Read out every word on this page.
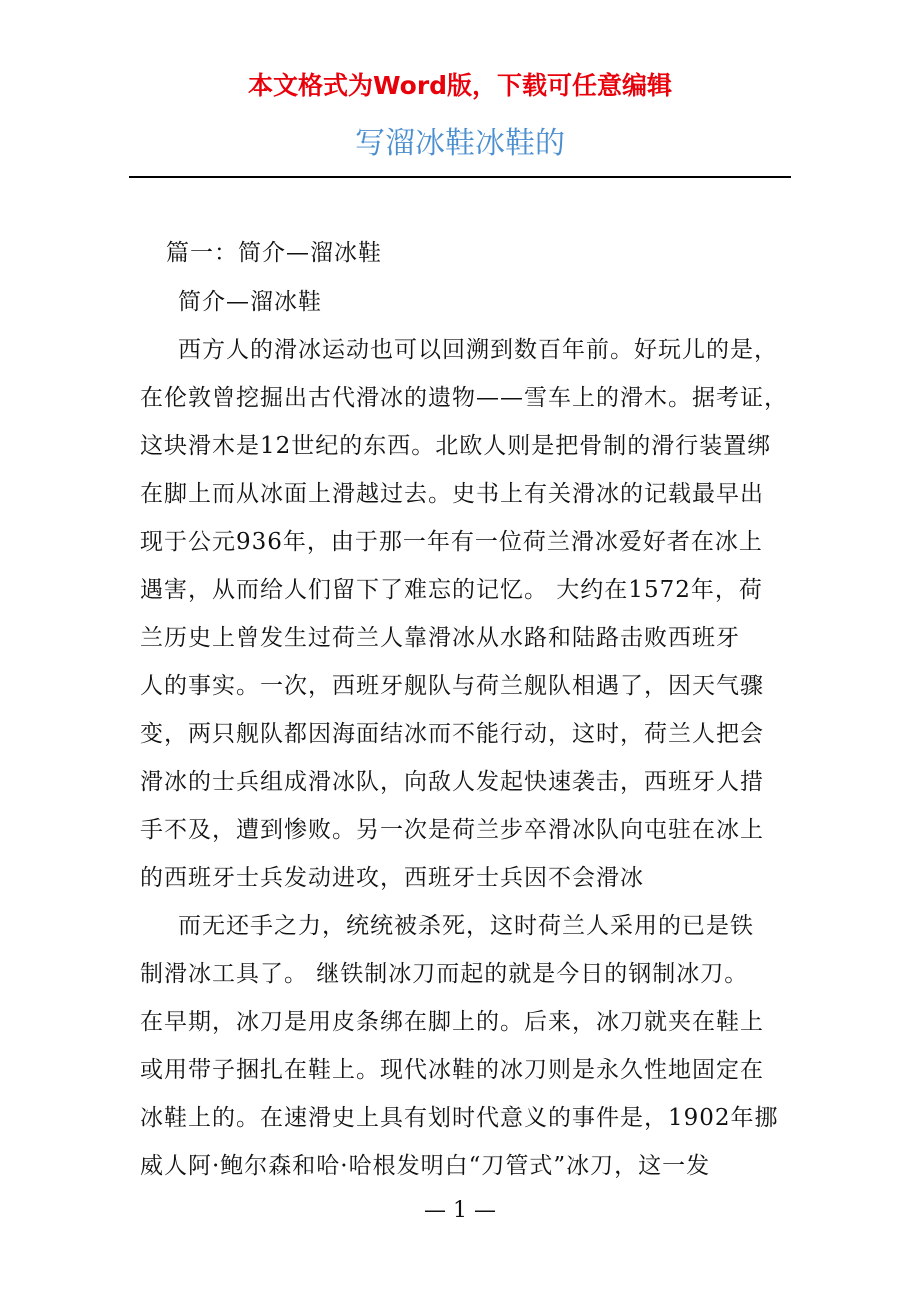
本文格式为Word版，下载可任意编辑
写溜冰鞋冰鞋的
篇一：简介—溜冰鞋
简介—溜冰鞋
西方人的滑冰运动也可以回溯到数百年前。好玩儿的是，
在伦敦曾挖掘出古代滑冰的遗物——雪车上的滑木。据考证，
这块滑木是12世纪的东西。北欧人则是把骨制的滑行装置绑
在脚上而从冰面上滑越过去。史书上有关滑冰的记载最早出
现于公元936年，由于那一年有一位荷兰滑冰爱好者在冰上
遇害，从而给人们留下了难忘的记忆。 大约在1572年，荷
兰历史上曾发生过荷兰人靠滑冰从水路和陆路击败西班牙
人的事实。一次，西班牙舰队与荷兰舰队相遇了，因天气骤
变，两只舰队都因海面结冰而不能行动，这时，荷兰人把会
滑冰的士兵组成滑冰队，向敌人发起快速袭击，西班牙人措
手不及，遭到惨败。另一次是荷兰步卒滑冰队向屯驻在冰上
的西班牙士兵发动进攻，西班牙士兵因不会滑冰
而无还手之力，统统被杀死，这时荷兰人采用的已是铁
制滑冰工具了。 继铁制冰刀而起的就是今日的钢制冰刀。
在早期，冰刀是用皮条绑在脚上的。后来，冰刀就夹在鞋上
或用带子捆扎在鞋上。现代冰鞋的冰刀则是永久性地固定在
冰鞋上的。在速滑史上具有划时代意义的事件是，1902年挪
威人阿·鲍尔森和哈·哈根发明白“刀管式”冰刀，这一发
— 1 —
